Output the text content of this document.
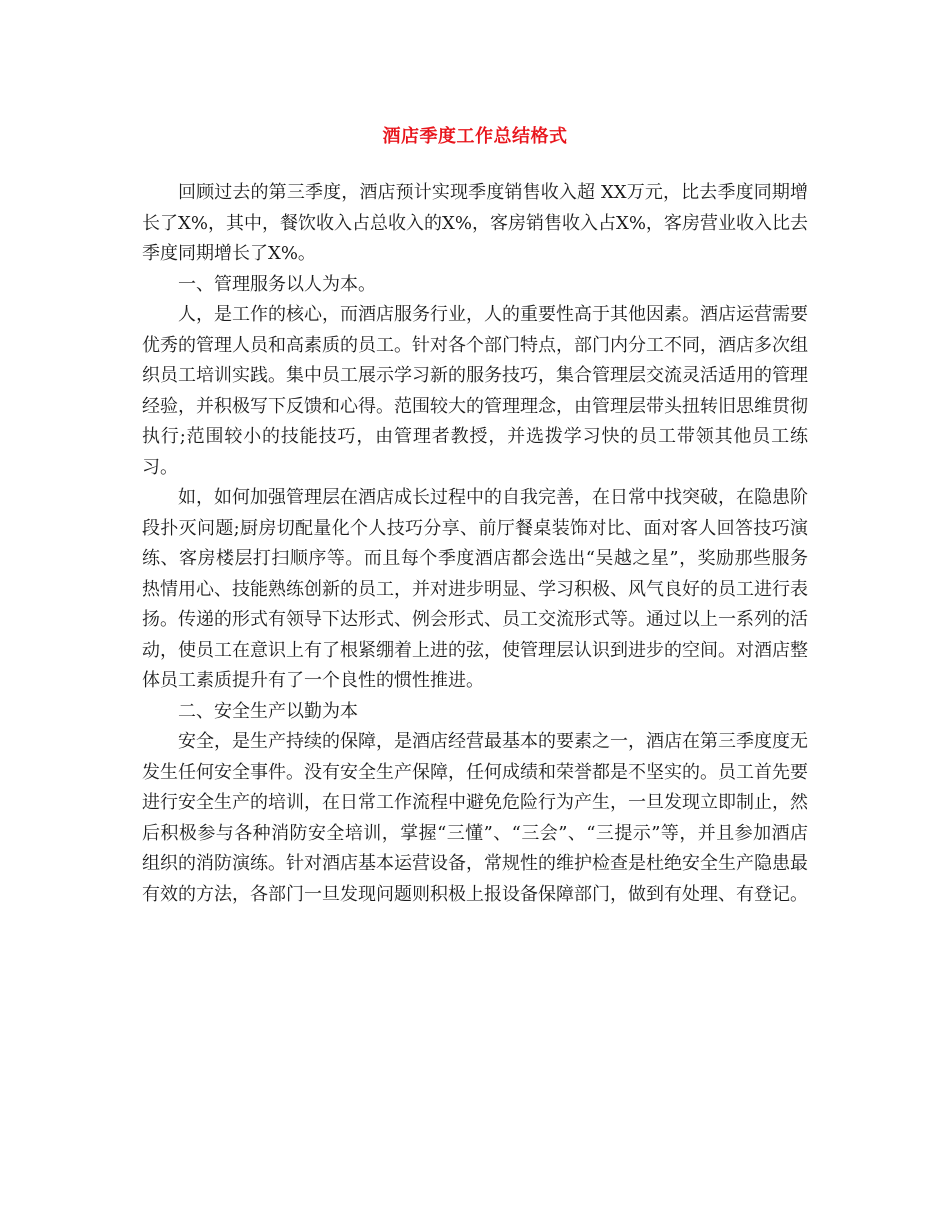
酒店季度工作总结格式

回顾过去的第三季度，酒店预计实现季度销售收入超 XX万元，比去季度同期增长了X%，其中，餐饮收入占总收入的X%，客房销售收入占X%，客房营业收入比去季度同期增长了X%。

一、管理服务以人为本。

人，是工作的核心，而酒店服务行业，人的重要性高于其他因素。酒店运营需要优秀的管理人员和高素质的员工。针对各个部门特点，部门内分工不同，酒店多次组织员工培训实践。集中员工展示学习新的服务技巧，集合管理层交流灵活适用的管理经验，并积极写下反馈和心得。范围较大的管理理念，由管理层带头扭转旧思维贯彻执行;范围较小的技能技巧，由管理者教授，并选拨学习快的员工带领其他员工练习。

如，如何加强管理层在酒店成长过程中的自我完善，在日常中找突破，在隐患阶段扑灭问题;厨房切配量化个人技巧分享、前厅餐桌装饰对比、面对客人回答技巧演练、客房楼层打扫顺序等。而且每个季度酒店都会选出“吴越之星”，奖励那些服务热情用心、技能熟练创新的员工，并对进步明显、学习积极、风气良好的员工进行表扬。传递的形式有领导下达形式、例会形式、员工交流形式等。通过以上一系列的活动，使员工在意识上有了根紧绷着上进的弦，使管理层认识到进步的空间。对酒店整体员工素质提升有了一个良性的惯性推进。

二、安全生产以勤为本

安全，是生产持续的保障，是酒店经营最基本的要素之一，酒店在第三季度度无发生任何安全事件。没有安全生产保障，任何成绩和荣誉都是不坚实的。员工首先要进行安全生产的培训，在日常工作流程中避免危险行为产生，一旦发现立即制止，然后积极参与各种消防安全培训，掌握“三懂”、“三会”、“三提示”等，并且参加酒店组织的消防演练。针对酒店基本运营设备，常规性的维护检查是杜绝安全生产隐患最有效的方法，各部门一旦发现问题则积极上报设备保障部门，做到有处理、有登记。
